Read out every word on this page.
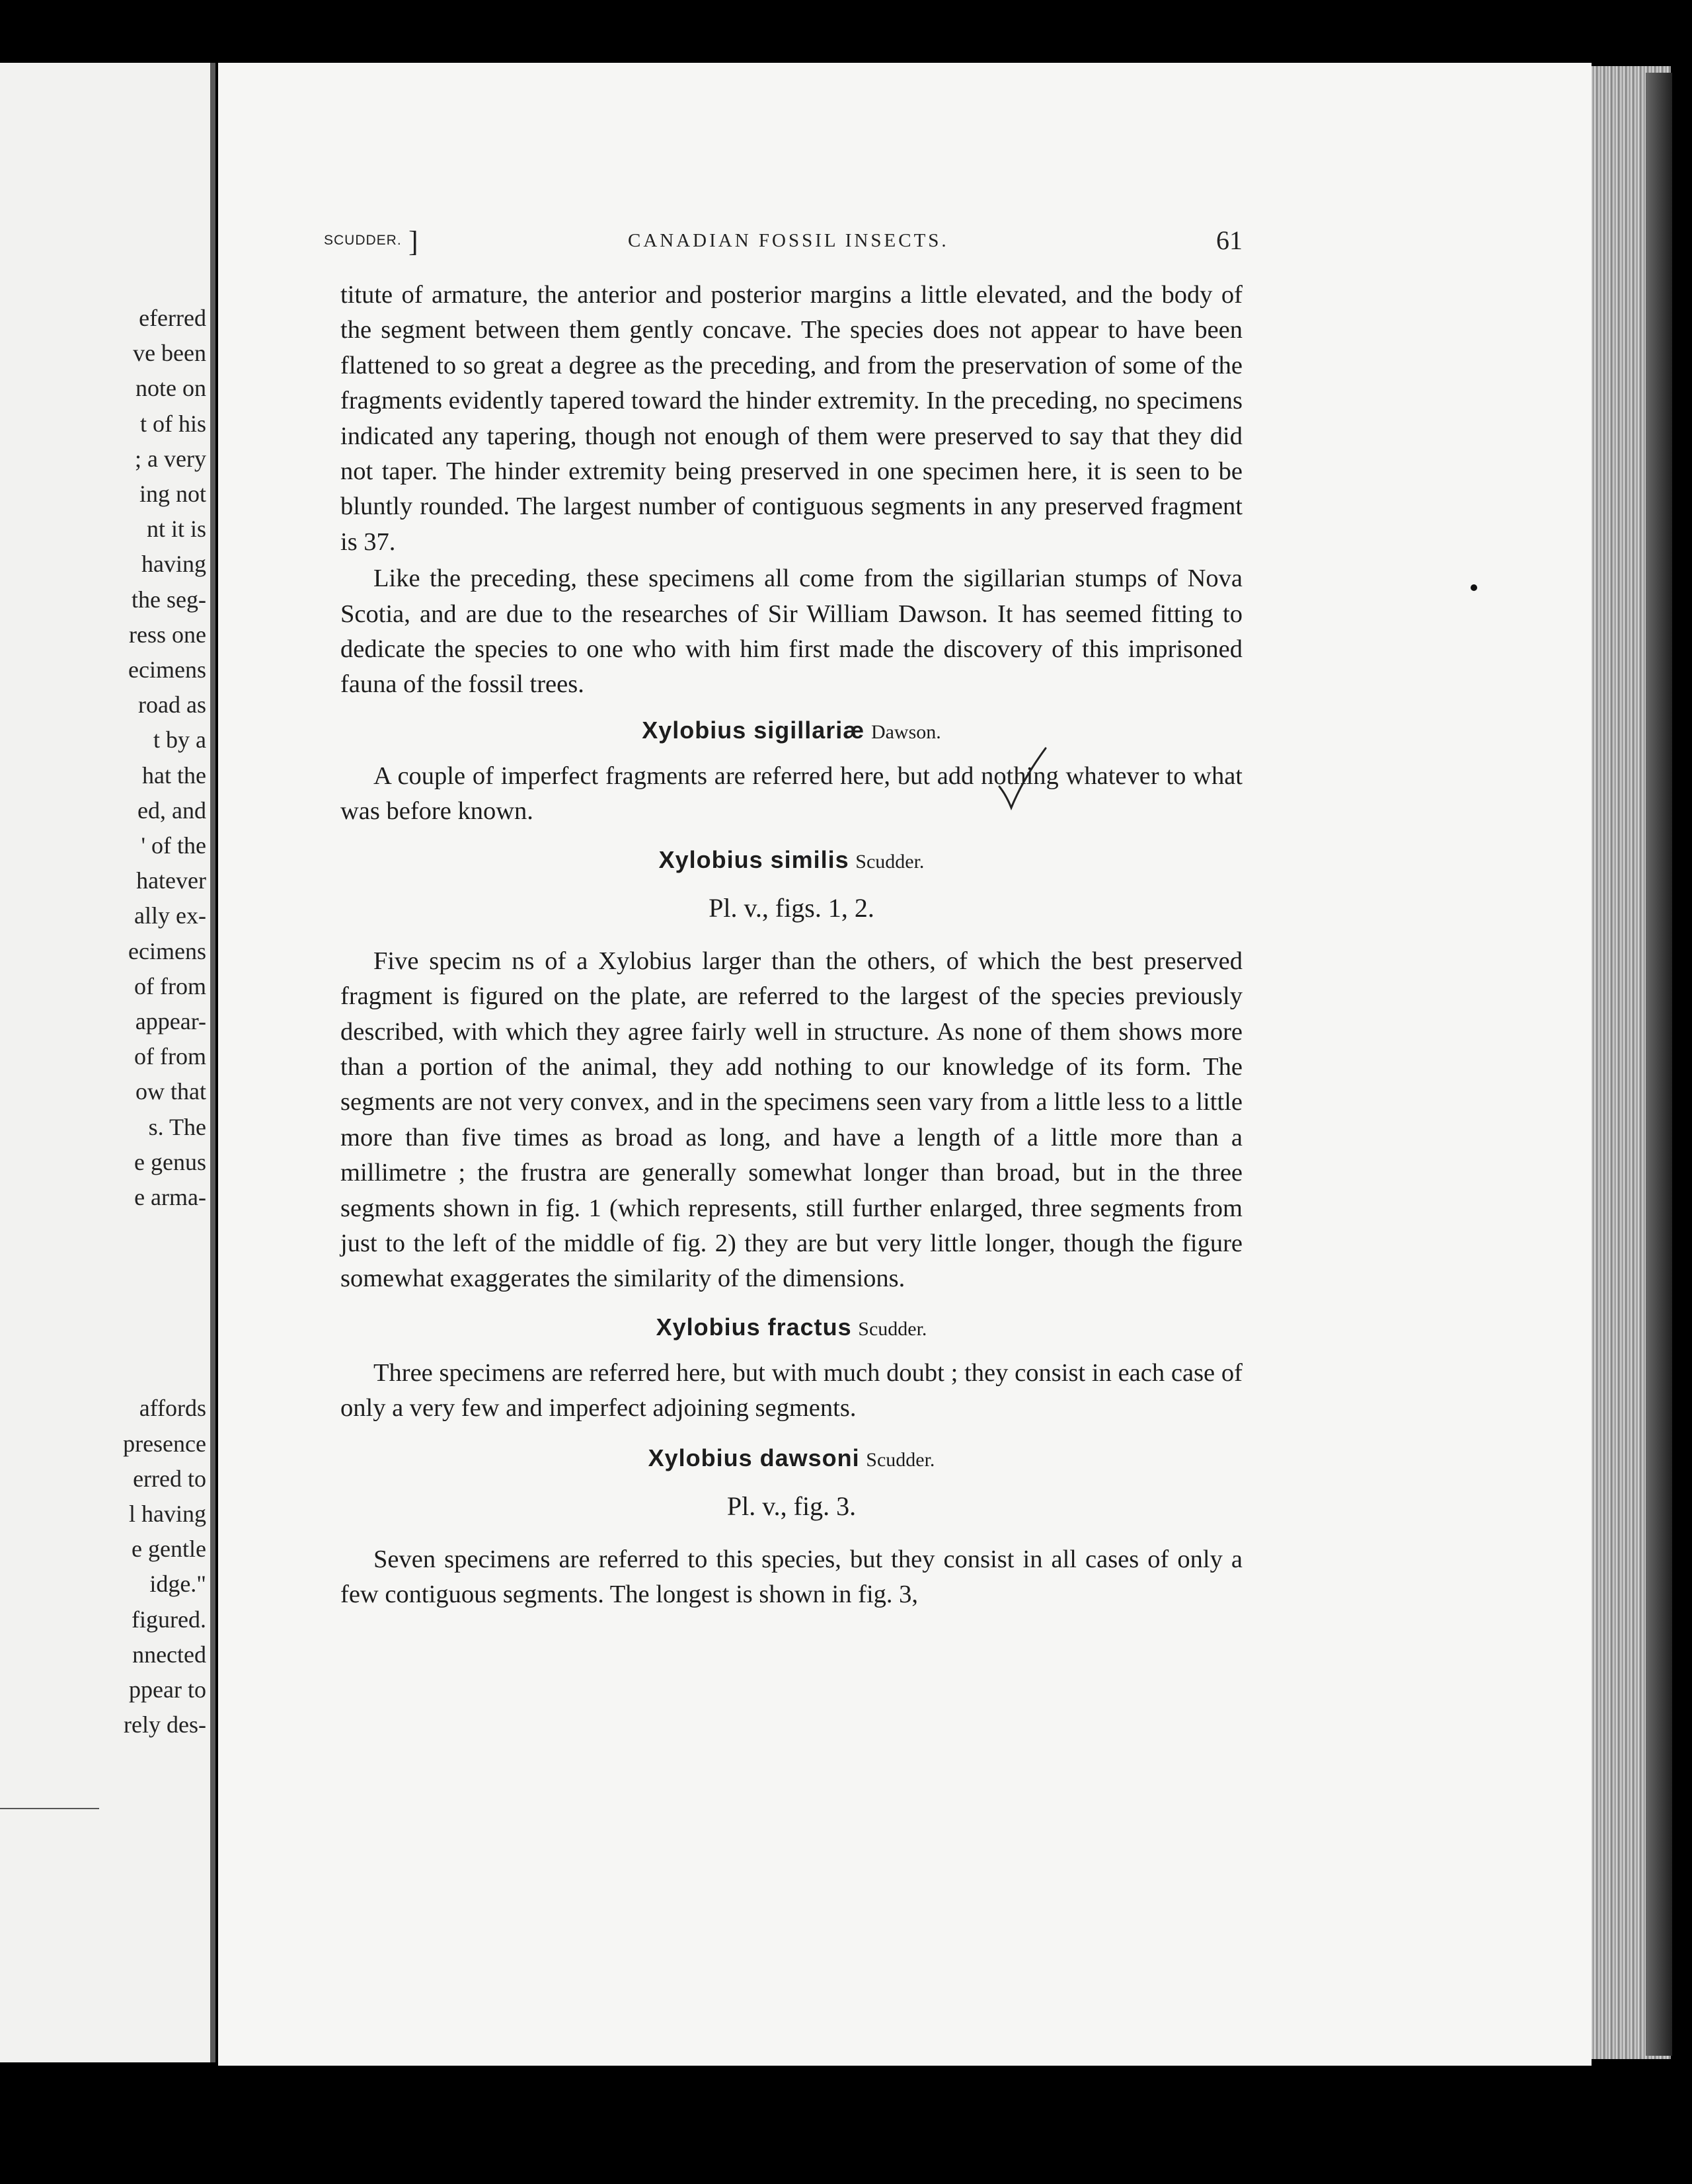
eferred
ve been
note on
t of his
; a very
ing not
nt it is
having
the seg-
ress one
ecimens
road as
t by a
hat the
ed, and
' of the
hatever
ally ex-
ecimens
of from
appear-
of from
ow that
s. The
e genus
e arma-

affords
presence
erred to
l having
e gentle
idge."
figured.
nnected
ppear to
rely des-
SCUDDER. ]	CANADIAN FOSSIL INSECTS.	61

titute of armature, the anterior and posterior margins a little elevated, and the body of the segment between them gently concave. The species does not appear to have been flattened to so great a degree as the preceding, and from the preservation of some of the fragments evidently tapered toward the hinder extremity. In the preceding, no specimens indicated any tapering, though not enough of them were preserved to say that they did not taper. The hinder extremity being preserved in one specimen here, it is seen to be bluntly rounded. The largest number of contiguous segments in any preserved fragment is 37.

Like the preceding, these specimens all come from the sigillarian stumps of Nova Scotia, and are due to the researches of Sir William Dawson. It has seemed fitting to dedicate the species to one who with him first made the discovery of this imprisoned fauna of the fossil trees.

Xylobius sigillariæ Dawson.

A couple of imperfect fragments are referred here, but add nothing whatever to what was before known.

Xylobius similis Scudder.

Pl. v., figs. 1, 2.

Five specim ns of a Xylobius larger than the others, of which the best preserved fragment is figured on the plate, are referred to the largest of the species previously described, with which they agree fairly well in structure. As none of them shows more than a portion of the animal, they add nothing to our knowledge of its form. The segments are not very convex, and in the specimens seen vary from a little less to a little more than five times as broad as long, and have a length of a little more than a millimetre ; the frustra are generally somewhat longer than broad, but in the three segments shown in fig. 1 (which represents, still further enlarged, three segments from just to the left of the middle of fig. 2) they are but very little longer, though the figure somewhat exaggerates the similarity of the dimensions.

Xylobius fractus Scudder.

Three specimens are referred here, but with much doubt ; they consist in each case of only a very few and imperfect adjoining segments.

Xylobius dawsoni Scudder.

Pl. v., fig. 3.

Seven specimens are referred to this species, but they consist in all cases of only a few contiguous segments. The longest is shown in fig. 3,
